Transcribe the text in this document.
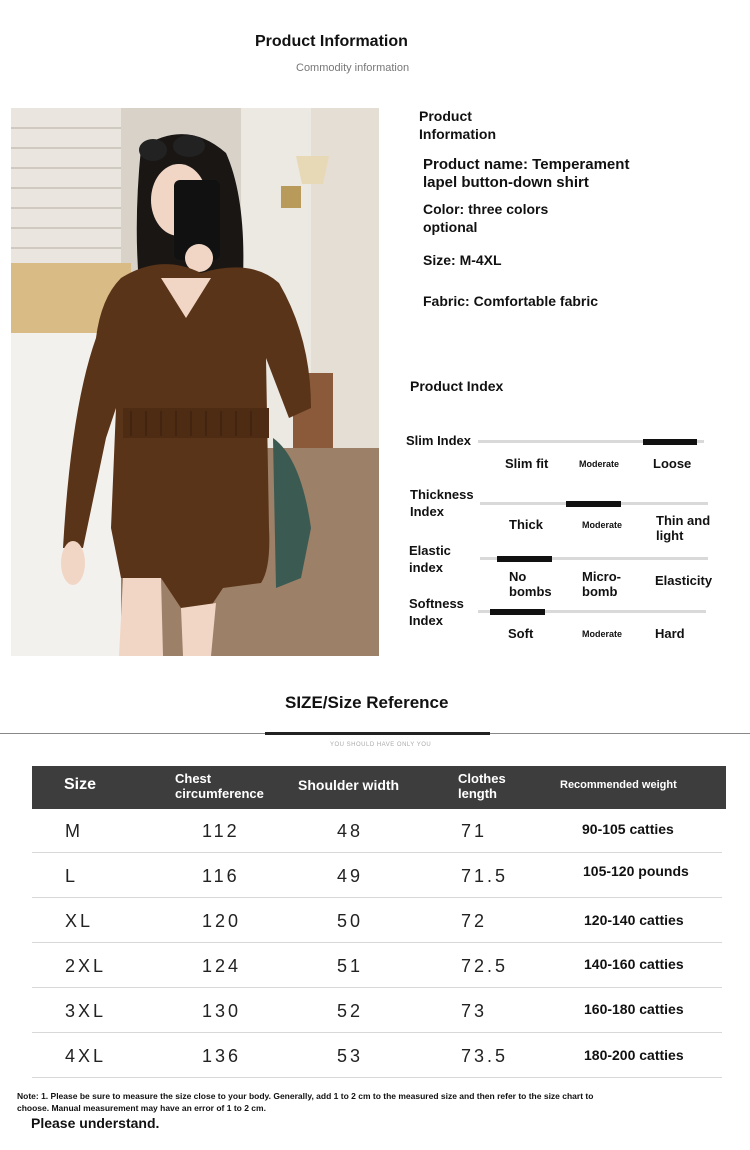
Product Information
Commodity information
Product
Information
Product name: Temperament
lapel button-down shirt
Color: three colors
optional
Size: M-4XL
Fabric: Comfortable fabric
Product Index
Slim Index
Slim fit	Moderate	Loose
Thickness
Index
Thick	Moderate	Thin and
light
Elastic
index
No
bombs
Micro-
bomb
Elasticity
Softness
Index
Soft	Moderate	Hard
SIZE/Size Reference
YOU SHOULD HAVE ONLY YOU
Size	Chest
circumference
Shoulder width	Clothes
length
Recommended weight
M	112	48	71	90-105 catties
L	116	49	71.5	105-120 pounds
XL	120	50	72	120-140 catties
2XL	124	51	72.5	140-160 catties
3XL	130	52	73	160-180 catties
4XL	136	53	73.5	180-200 catties
Note: 1. Please be sure to measure the size close to your body. Generally, add 1 to 2 cm to the measured size and then refer to the size chart to
choose. Manual measurement may have an error of 1 to 2 cm.
Please understand.
